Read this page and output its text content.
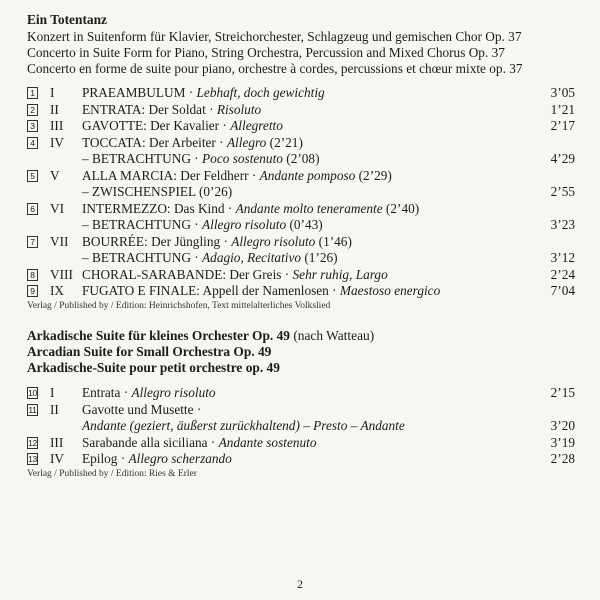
Ein Totentanz
Konzert in Suitenform für Klavier, Streichorchester, Schlagzeug und gemischen Chor Op. 37
Concerto in Suite Form for Piano, String Orchestra, Percussion and Mixed Chorus Op. 37
Concerto en forme de suite pour piano, orchestre à cordes, percussions et chœur mixte op. 37
1 I PRAEAMBULUM · Lebhaft, doch gewichtig	3’05
2 II ENTRATA: Der Soldat · Risoluto	1’21
3 III GAVOTTE: Der Kavalier · Allegretto	2’17
4 IV TOCCATA: Der Arbeiter · Allegro (2’21)
– BETRACHTUNG · Poco sostenuto (2’08)	4’29
5 V ALLA MARCIA: Der Feldherr · Andante pomposo (2’29)
– ZWISCHENSPIEL (0’26)	2’55
6 VI INTERMEZZO: Das Kind · Andante molto teneramente (2’40)
– BETRACHTUNG · Allegro risoluto (0’43)	3’23
7 VII BOURRÉE: Der Jüngling · Allegro risoluto (1’46)
– BETRACHTUNG · Adagio, Recitativo (1’26)	3’12
8 VIII CHORAL-SARABANDE: Der Greis · Sehr ruhig, Largo	2’24
9 IX FUGATO E FINALE: Appell der Namenlosen · Maestoso energico	7’04
Verlag / Published by / Edition: Heinrichshofen, Text mittelalterliches Volkslied
Arkadische Suite für kleines Orchester Op. 49 (nach Watteau)
Arcadian Suite for Small Orchestra Op. 49
Arkadische-Suite pour petit orchestre op. 49
10 I Entrata · Allegro risoluto	2’15
11 II Gavotte und Musette ·
Andante (geziert, äußerst zurückhaltend) – Presto – Andante	3’20
12 III Sarabande alla siciliana · Andante sostenuto	3’19
13 IV Epilog · Allegro scherzando	2’28
Verlag / Published by / Edition: Ries & Erler
2
